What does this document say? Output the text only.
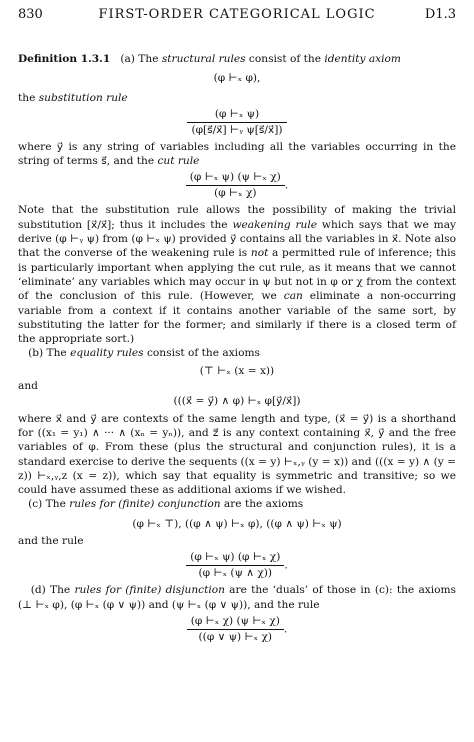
830	FIRST-ORDER CATEGORICAL LOGIC	D1.3

Definition 1.3.1 (a) The structural rules consist of the identity axiom

(φ ⊢ₓ φ),

the substitution rule

$\frac{\text{(φ ⊢ₓ ψ)}}{\text{(φ[s⃗/x⃗] ⊢ᵧ ψ[s⃗/x⃗])}}$

where y⃗ is any string of variables including all the variables occurring in the string of terms s⃗, and the cut rule

$\frac{\text{(φ ⊢ₓ ψ) (ψ ⊢ₓ χ)}}{\text{(φ ⊢ₓ χ)}}$ .

Note that the substitution rule allows the possibility of making the trivial substitution [x⃗/x⃗]; thus it includes the weakening rule which says that we may derive (φ ⊢ᵧ ψ) from (φ ⊢ₓ ψ) provided y⃗ contains all the variables in x⃗. Note also that the converse of the weakening rule is not a permitted rule of inference; this is particularly important when applying the cut rule, as it means that we cannot ‘eliminate’ any variables which may occur in ψ but not in φ or χ from the context of the conclusion of this rule. (However, we can eliminate a non-occurring variable from a context if it contains another variable of the same sort, by substituting the latter for the former; and similarly if there is a closed term of the appropriate sort.)

(b) The equality rules consist of the axioms

(⊤ ⊢ₓ (x = x))

and

(((x⃗ = y⃗) ∧ φ) ⊢ₓ φ[y⃗/x⃗])

where x⃗ and y⃗ are contexts of the same length and type, (x⃗ = y⃗) is a shorthand for ((x₁ = y₁) ∧ ··· ∧ (xₙ = yₙ)), and z⃗ is any context containing x⃗, y⃗ and the free variables of φ. From these (plus the structural and conjunction rules), it is a standard exercise to derive the sequents ((x = y) ⊢ₓ,ᵧ (y = x)) and (((x = y) ∧ (y = z)) ⊢ₓ,ᵧ,z (x = z)), which say that equality is symmetric and transitive; so we could have assumed these as additional axioms if we wished.

(c) The rules for (finite) conjunction are the axioms

(φ ⊢ₓ ⊤), ((φ ∧ ψ) ⊢ₓ φ), ((φ ∧ ψ) ⊢ₓ ψ)

and the rule

$\frac{\text{(φ ⊢ₓ ψ) (φ ⊢ₓ χ)}}{\text{(φ ⊢ₓ (ψ ∧ χ))}}$ .

(d) The rules for (finite) disjunction are the ‘duals’ of those in (c): the axioms (⊥ ⊢ₓ φ), (φ ⊢ₓ (φ ∨ ψ)) and (ψ ⊢ₓ (φ ∨ ψ)), and the rule

$\frac{\text{(φ ⊢ₓ χ) (ψ ⊢ₓ χ)}}{\text{((φ ∨ ψ) ⊢ₓ χ)}}$ .
